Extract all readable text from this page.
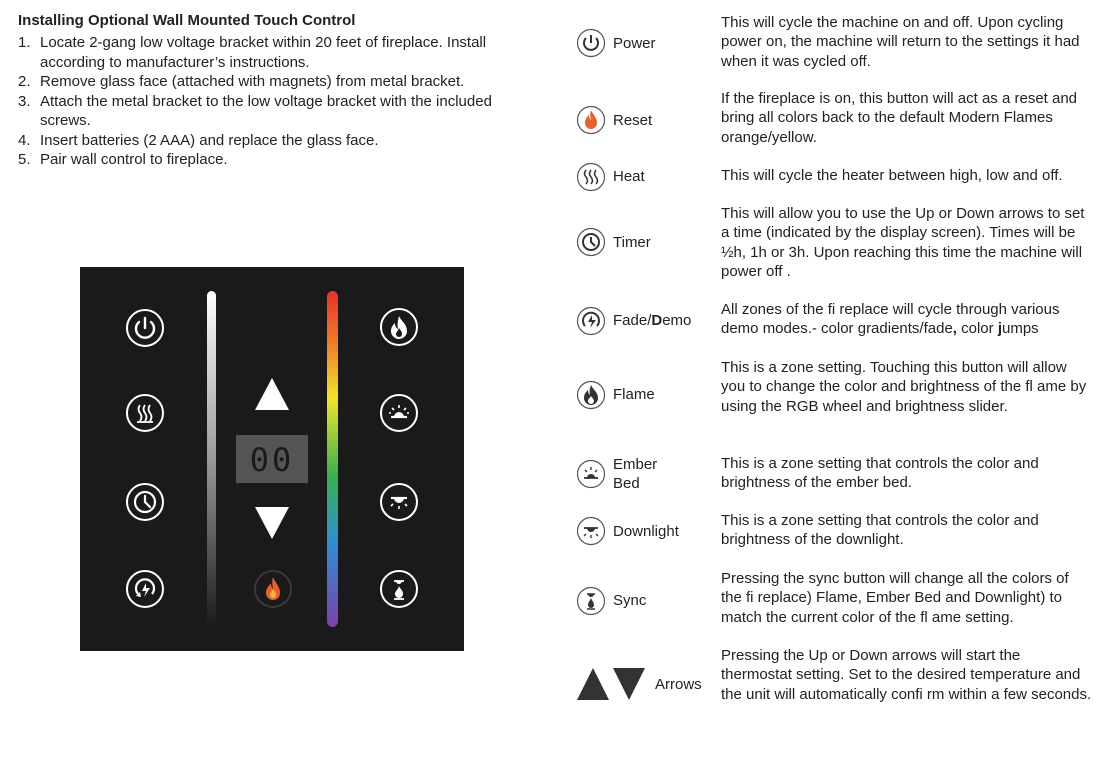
Installing Optional Wall Mounted Touch Control
1. Locate 2-gang low voltage bracket within 20 feet of fireplace. Install according to manufacturer’s instructions.
2. Remove glass face (attached with magnets) from metal bracket.
3. Attach the metal bracket to the low voltage bracket with the included screws.
4. Insert batteries (2 AAA) and replace the glass face.
5. Pair wall control to fireplace.
00
Power
Reset
Heat
Timer
Fade/Demo
Flame
Ember
Bed
Downlight
Sync
Arrows
This will cycle the machine on and off. Upon cycling power on, the machine will return to the settings it had when it was cycled off.
If the fireplace is on, this button will act as a reset and bring all colors back to the default Modern Flames orange/yellow.
This will cycle the heater between high, low and off.
This will allow you to use the Up or Down arrows to set a time (indicated by the display screen). Times will be ½h, 1h or 3h. Upon reaching this time the machine will power off .
All zones of the fi replace will cycle through various demo modes.- color gradients/fade, color jumps
This is a zone setting. Touching this button will allow you to change the color and brightness of the fl ame by using the RGB wheel and brightness slider.
This is a zone setting that controls the color and brightness of the ember bed.
This is a zone setting that controls the color and brightness of the downlight.
Pressing the sync button will change all the colors of the fi replace) Flame, Ember Bed and Downlight) to match the current color of the fl ame setting.
Pressing the Up or Down arrows will start the thermostat setting. Set to the desired temperature and the unit will automatically confi rm within a few seconds.
